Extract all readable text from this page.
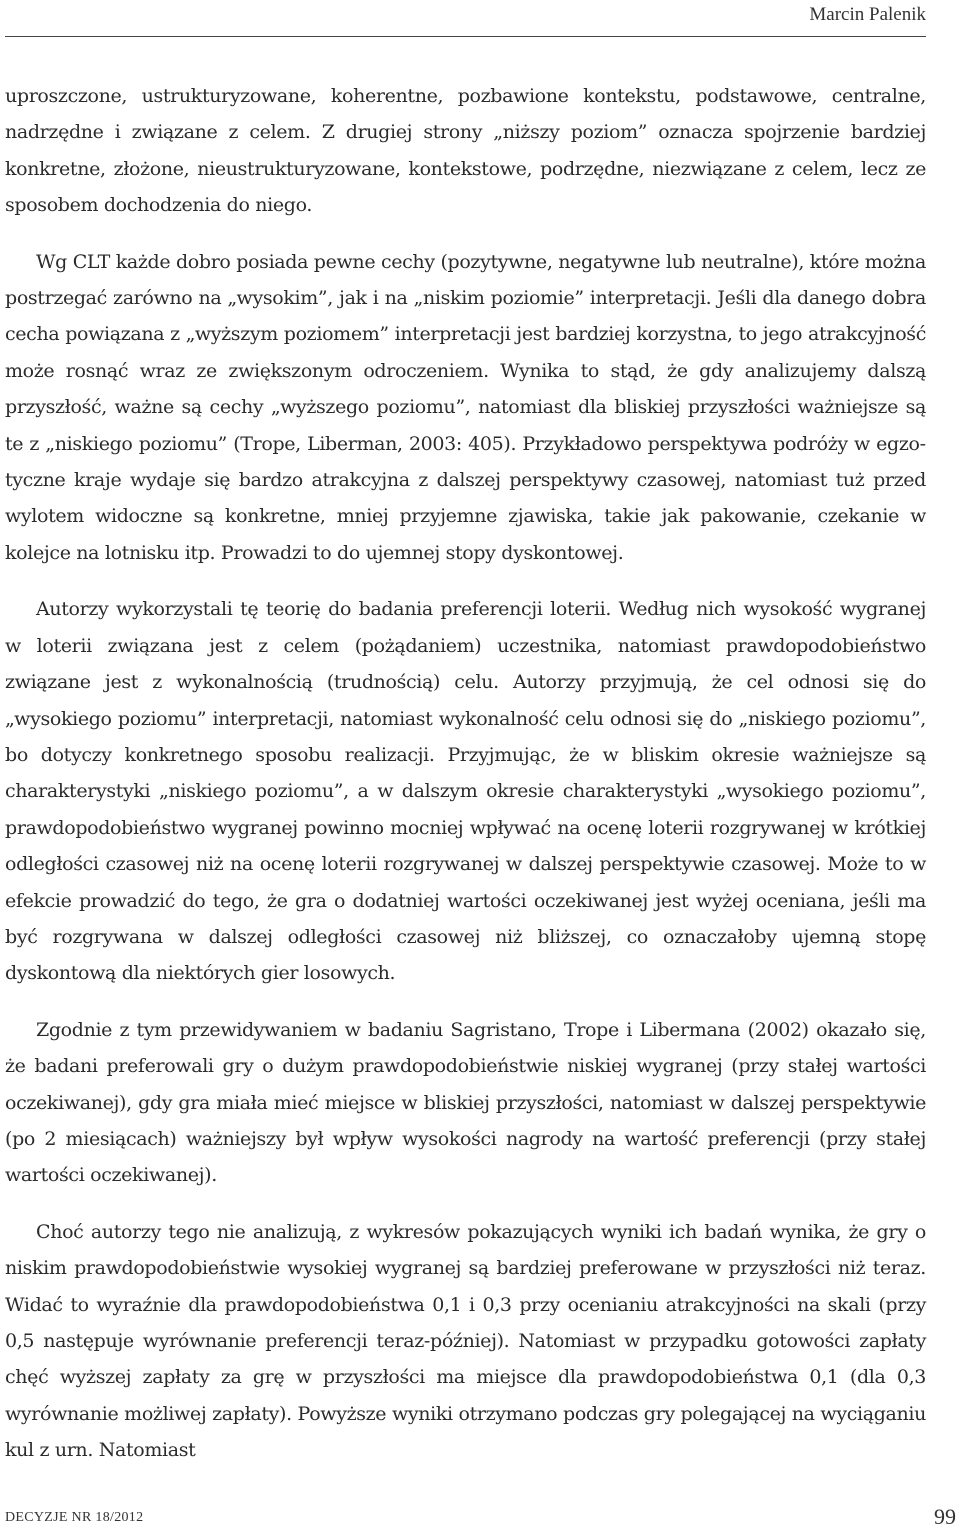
Marcin Palenik

uproszczone, ustrukturyzowane, koherentne, pozbawione kontekstu, podstawowe, centralne, nadrzędne i związane z celem. Z drugiej strony „niższy poziom” oznacza spojrzenie bardziej konkretne, złożone, nieustrukturyzowane, kontekstowe, podrzędne, niezwiązane z celem, lecz ze sposobem dochodzenia do niego.

Wg CLT każde dobro posiada pewne cechy (pozytywne, negatywne lub neutralne), które można postrzegać zarówno na „wysokim”, jak i na „niskim poziomie” interpretacji. Jeśli dla danego dobra cecha powiązana z „wyższym poziomem” interpretacji jest bardziej korzystna, to jego atrakcyjność może rosnąć wraz ze zwiększonym odroczeniem. Wynika to stąd, że gdy analizujemy dalszą przyszłość, ważne są cechy „wyższego poziomu”, natomiast dla bliskiej przyszłości ważniejsze są te z „niskiego poziomu” (Trope, Liberman, 2003: 405). Przykładowo perspektywa podróży w egzotyczne kraje wydaje się bardzo atrakcyjna z dalszej perspektywy czasowej, natomiast tuż przed wylotem widoczne są konkretne, mniej przyjemne zjawiska, takie jak pakowanie, czekanie w kolejce na lotnisku itp. Prowadzi to do ujemnej stopy dyskontowej.

Autorzy wykorzystali tę teorię do badania preferencji loterii. Według nich wysokość wygranej w loterii związana jest z celem (pożądaniem) uczestnika, natomiast prawdopodobieństwo związane jest z wykonalnością (trudnością) celu. Autorzy przyjmują, że cel odnosi się do „wysokiego poziomu” interpretacji, natomiast wykonalność celu odnosi się do „niskiego poziomu”, bo dotyczy konkretnego sposobu realizacji. Przyjmując, że w bliskim okresie ważniejsze są charakterystyki „niskiego poziomu”, a w dalszym okresie charakterystyki „wysokiego poziomu”, prawdopodobieństwo wygranej powinno mocniej wpływać na ocenę loterii rozgrywanej w krótkiej odległości czasowej niż na ocenę loterii rozgrywanej w dalszej perspektywie czasowej. Może to w efekcie prowadzić do tego, że gra o dodatniej wartości oczekiwanej jest wyżej oceniana, jeśli ma być rozgrywana w dalszej odległości czasowej niż bliższej, co oznaczałoby ujemną stopę dyskontową dla niektórych gier losowych.

Zgodnie z tym przewidywaniem w badaniu Sagristano, Trope i Libermana (2002) okazało się, że badani preferowali gry o dużym prawdopodobieństwie niskiej wygranej (przy stałej wartości oczekiwanej), gdy gra miała mieć miejsce w bliskiej przyszłości, natomiast w dalszej perspektywie (po 2 miesiącach) ważniejszy był wpływ wysokości nagrody na wartość preferencji (przy stałej wartości oczekiwanej).

Choć autorzy tego nie analizują, z wykresów pokazujących wyniki ich badań wynika, że gry o niskim prawdopodobieństwie wysokiej wygranej są bardziej preferowane w przyszłości niż teraz. Widać to wyraźnie dla prawdopodobieństwa 0,1 i 0,3 przy ocenianiu atrakcyjności na skali (przy 0,5 następuje wyrównanie preferencji teraz-później). Natomiast w przypadku gotowości zapłaty chęć wyższej zapłaty za grę w przyszłości ma miejsce dla prawdopodobieństwa 0,1 (dla 0,3 wyrównanie możliwej zapłaty). Powyższe wyniki otrzymano podczas gry polegającej na wyciąganiu kul z urn. Natomiast

DECYZJE NR 18/2012	99
